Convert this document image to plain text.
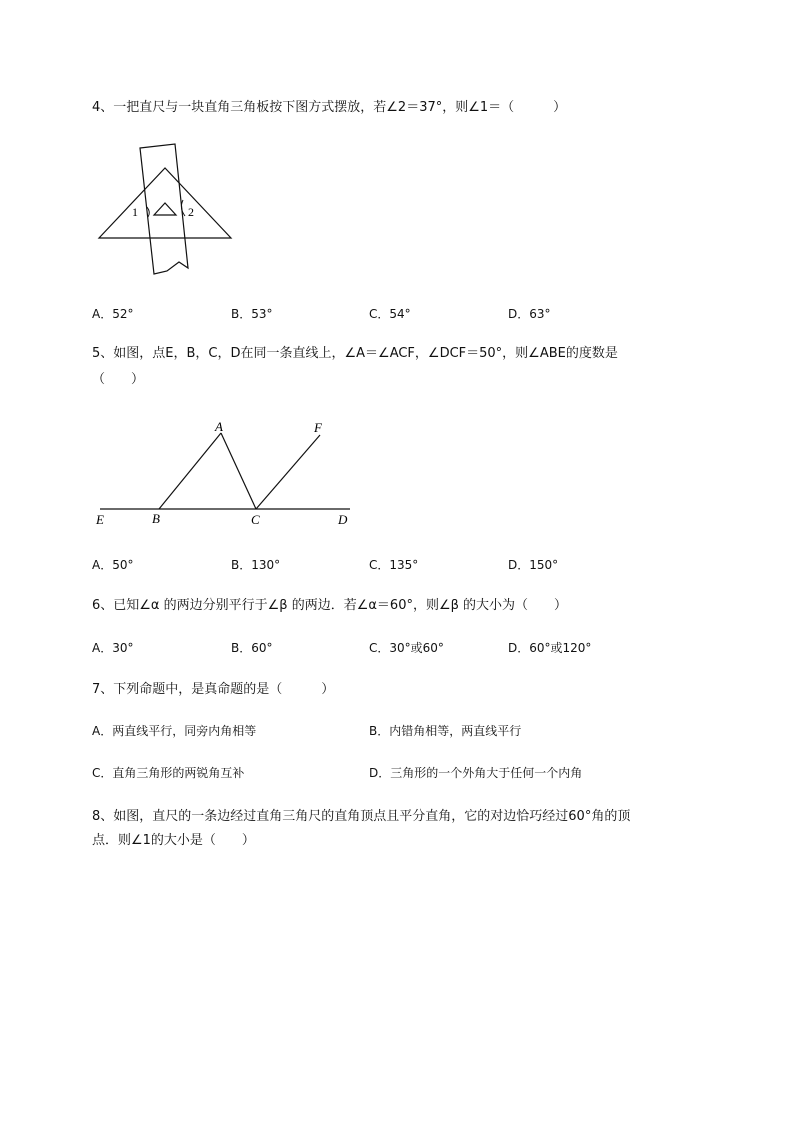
4、一把直尺与一块直角三角板按下图方式摆放，若∠2＝37°，则∠1＝（　　　）
1	2
A．52°	B．53°	C．54°	D．63°
5、如图，点E，B，C，D在同一条直线上，∠A＝∠ACF，∠DCF＝50°，则∠ABE的度数是
（　　）
A	F
E	B	C	D
A．50°	B．130°	C．135°	D．150°
6、已知∠α 的两边分别平行于∠β 的两边．若∠α＝60°，则∠β 的大小为（　　）
A．30°	B．60°	C．30°或60°	D．60°或120°
7、下列命题中，是真命题的是（　　　）
A．两直线平行，同旁内角相等	B．内错角相等，两直线平行
C．直角三角形的两锐角互补	D．三角形的一个外角大于任何一个内角
8、如图，直尺的一条边经过直角三角尺的直角顶点且平分直角，它的对边恰巧经过60°角的顶
点．则∠1的大小是（　　）
